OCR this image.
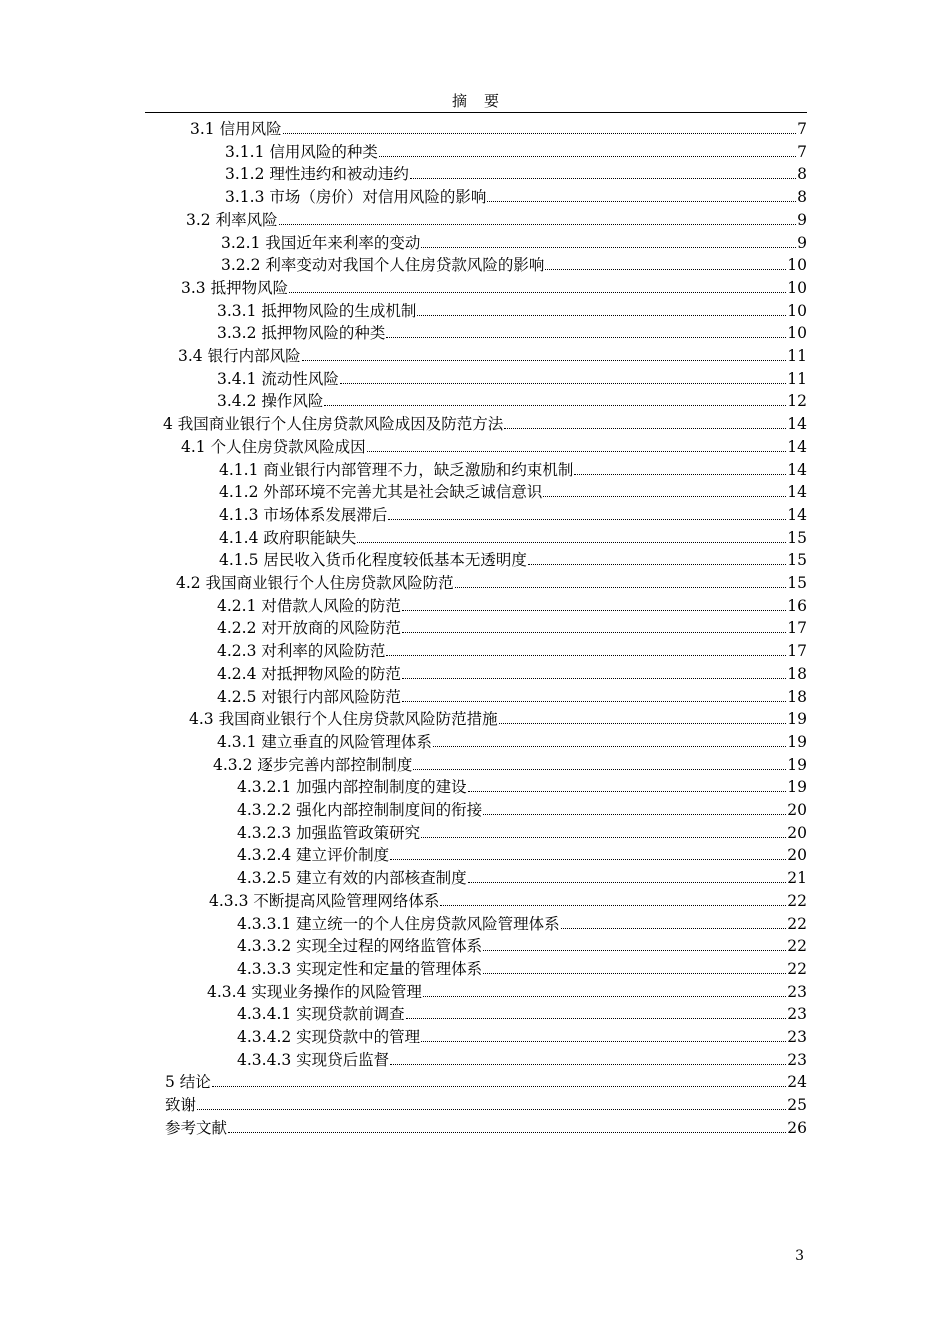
摘　要
3.1 信用风险	7
3.1.1 信用风险的种类	7
3.1.2 理性违约和被动违约	8
3.1.3 市场（房价）对信用风险的影响	8
3.2 利率风险	9
3.2.1 我国近年来利率的变动	9
3.2.2 利率变动对我国个人住房贷款风险的影响	10
3.3 抵押物风险	10
3.3.1 抵押物风险的生成机制	10
3.3.2 抵押物风险的种类	10
3.4 银行内部风险	11
3.4.1 流动性风险	11
3.4.2 操作风险	12
4 我国商业银行个人住房贷款风险成因及防范方法	14
4.1 个人住房贷款风险成因	14
4.1.1 商业银行内部管理不力，缺乏激励和约束机制	14
4.1.2 外部环境不完善尤其是社会缺乏诚信意识	14
4.1.3 市场体系发展滞后	14
4.1.4 政府职能缺失	15
4.1.5 居民收入货币化程度较低基本无透明度	15
4.2 我国商业银行个人住房贷款风险防范	15
4.2.1 对借款人风险的防范	16
4.2.2 对开放商的风险防范	17
4.2.3 对利率的风险防范	17
4.2.4 对抵押物风险的防范	18
4.2.5 对银行内部风险防范	18
4.3 我国商业银行个人住房贷款风险防范措施	19
4.3.1 建立垂直的风险管理体系	19
4.3.2 逐步完善内部控制制度	19
4.3.2.1 加强内部控制制度的建设	19
4.3.2.2 强化内部控制制度间的衔接	20
4.3.2.3 加强监管政策研究	20
4.3.2.4 建立评价制度	20
4.3.2.5 建立有效的内部核查制度	21
4.3.3 不断提高风险管理网络体系	22
4.3.3.1 建立统一的个人住房贷款风险管理体系	22
4.3.3.2 实现全过程的网络监管体系	22
4.3.3.3 实现定性和定量的管理体系	22
4.3.4 实现业务操作的风险管理	23
4.3.4.1 实现贷款前调查	23
4.3.4.2 实现贷款中的管理	23
4.3.4.3 实现贷后监督	23
5 结论	24
致谢	25
参考文献	26
3
